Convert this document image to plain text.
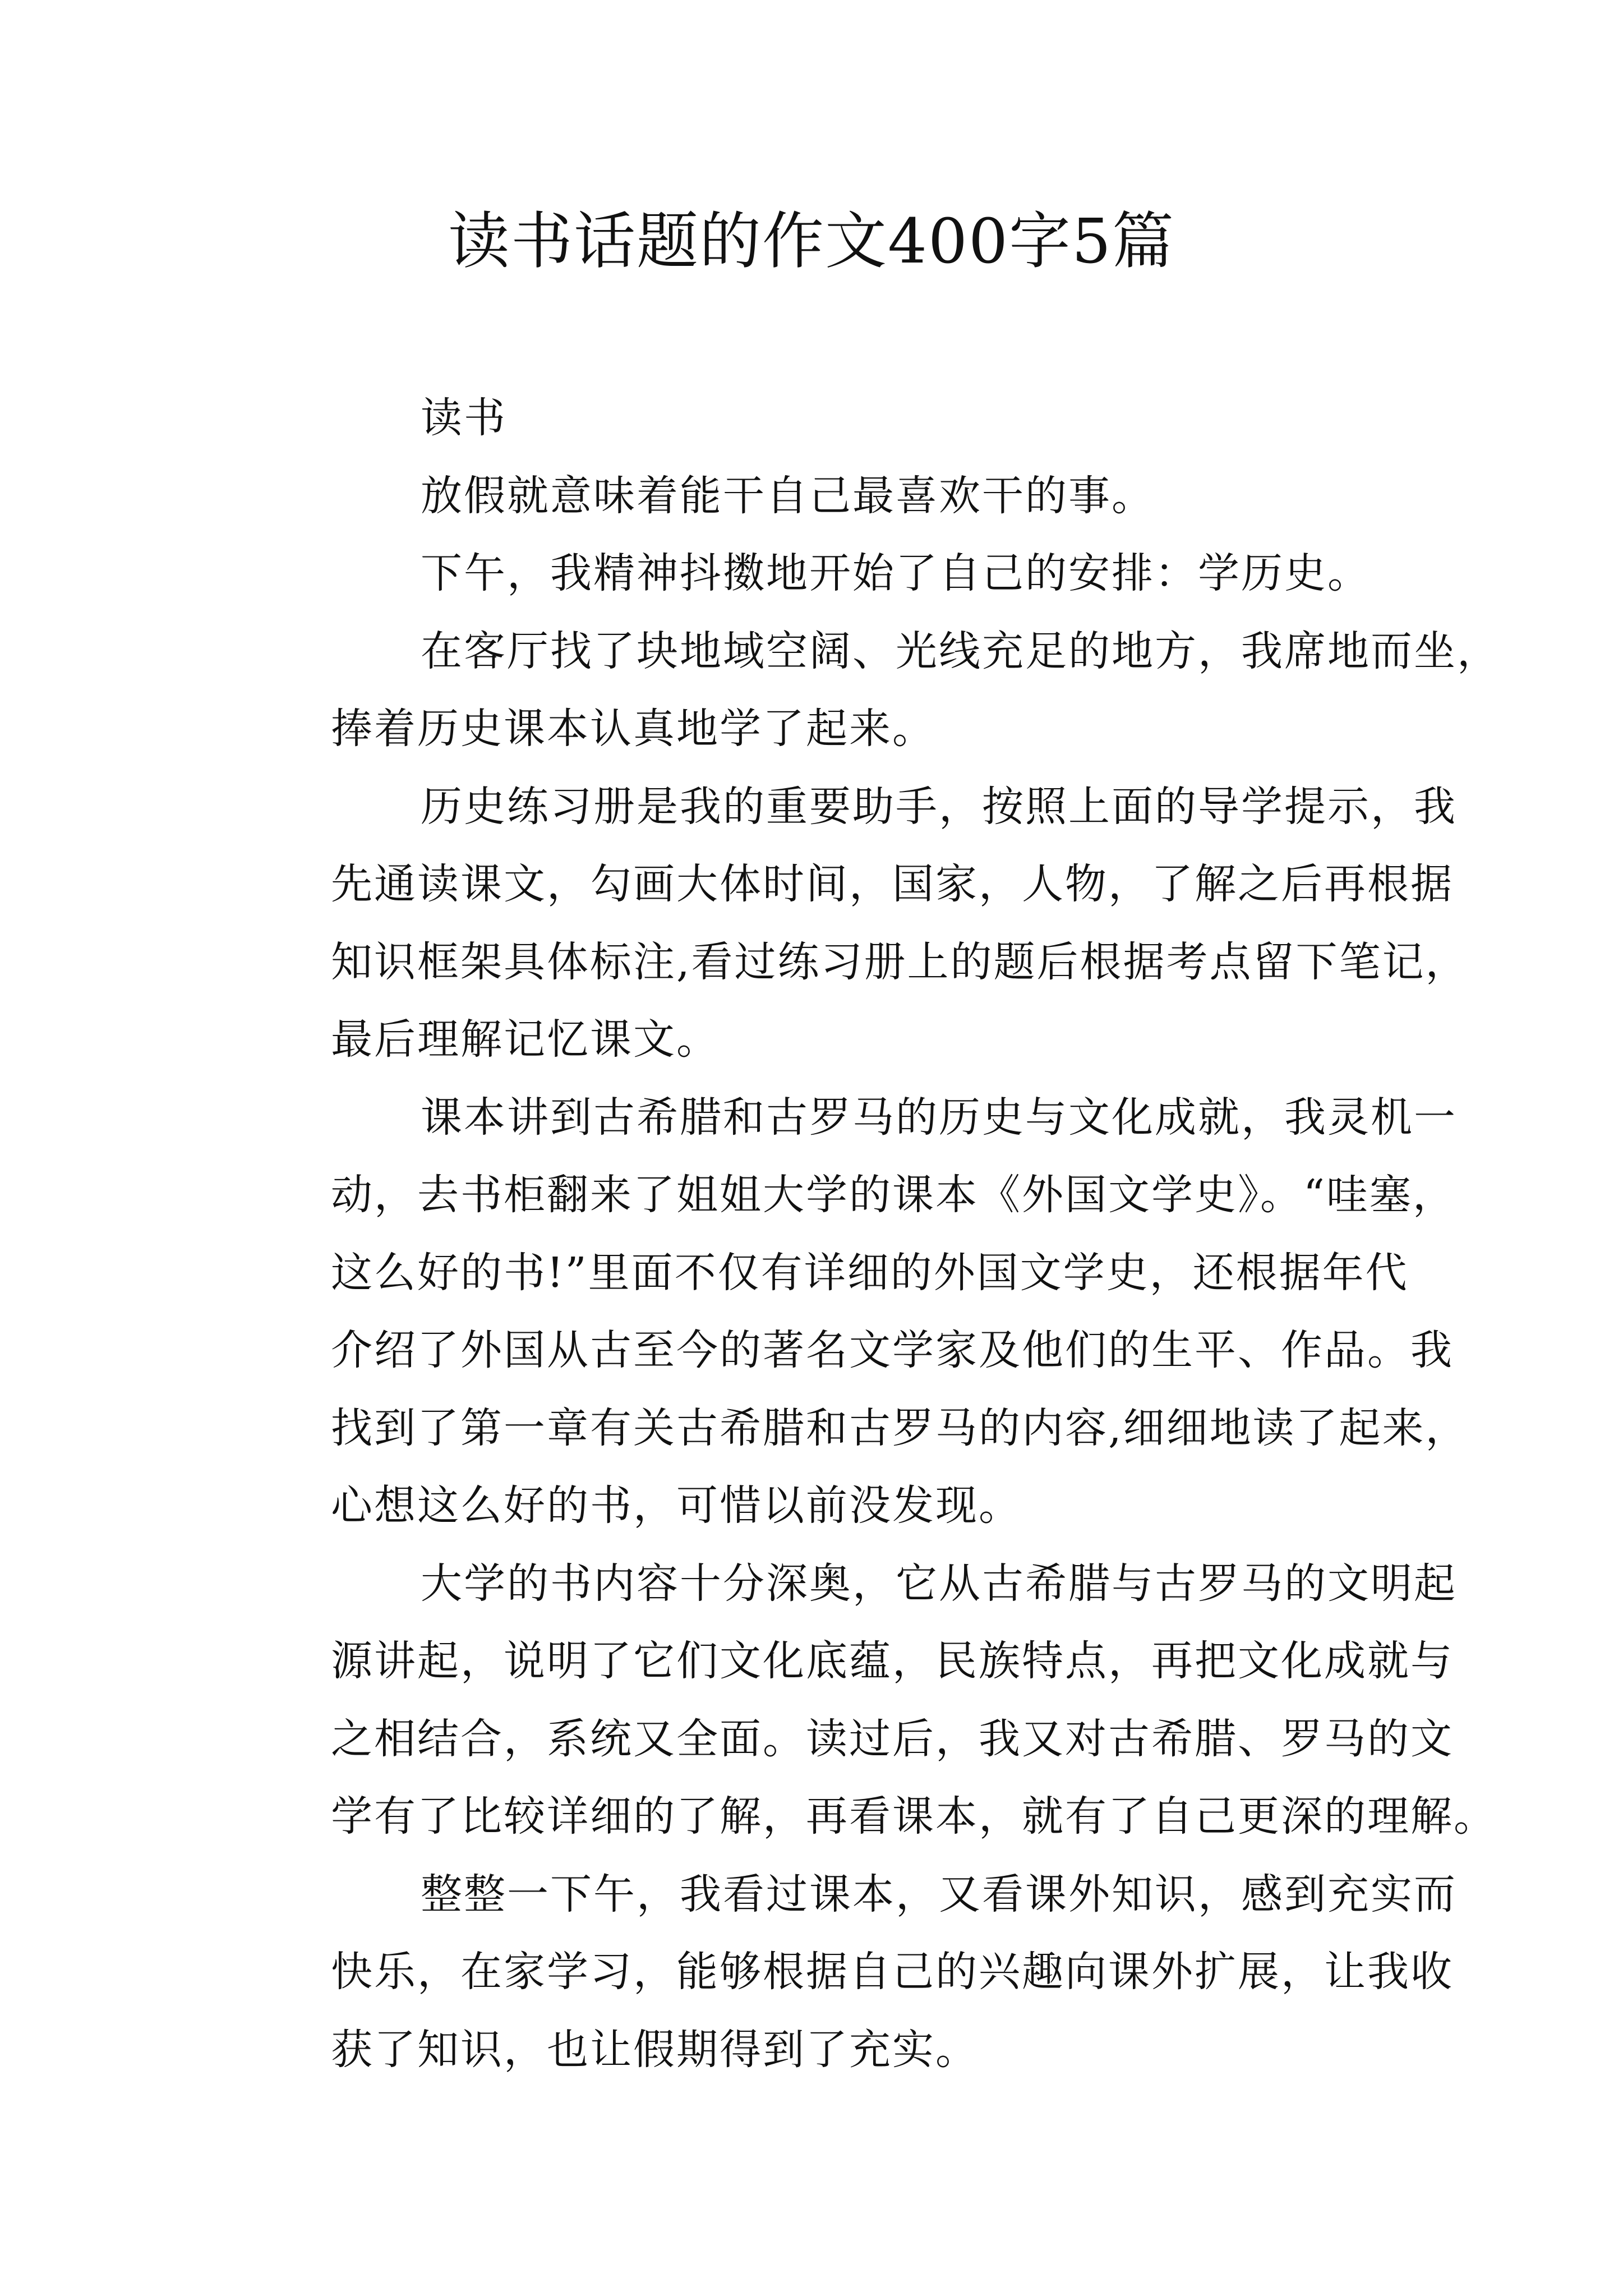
读书话题的作文400字5篇

读书

放假就意味着能干自己最喜欢干的事。

下午，我精神抖擞地开始了自己的安排：学历史。

在客厅找了块地域空阔、光线充足的地方，我席地而坐，
捧着历史课本认真地学了起来。

历史练习册是我的重要助手，按照上面的导学提示，我
先通读课文，勾画大体时间，国家，人物，了解之后再根据
知识框架具体标注,看过练习册上的题后根据考点留下笔记，
最后理解记忆课文。

课本讲到古希腊和古罗马的历史与文化成就，我灵机一
动，去书柜翻来了姐姐大学的课本《外国文学史》。“哇塞，
这么好的书!”里面不仅有详细的外国文学史，还根据年代
介绍了外国从古至今的著名文学家及他们的生平、作品。我
找到了第一章有关古希腊和古罗马的内容,细细地读了起来，
心想这么好的书，可惜以前没发现。

大学的书内容十分深奥，它从古希腊与古罗马的文明起
源讲起，说明了它们文化底蕴，民族特点，再把文化成就与
之相结合，系统又全面。读过后，我又对古希腊、罗马的文
学有了比较详细的了解，再看课本，就有了自己更深的理解。

整整一下午，我看过课本，又看课外知识，感到充实而
快乐，在家学习，能够根据自己的兴趣向课外扩展，让我收
获了知识，也让假期得到了充实。
